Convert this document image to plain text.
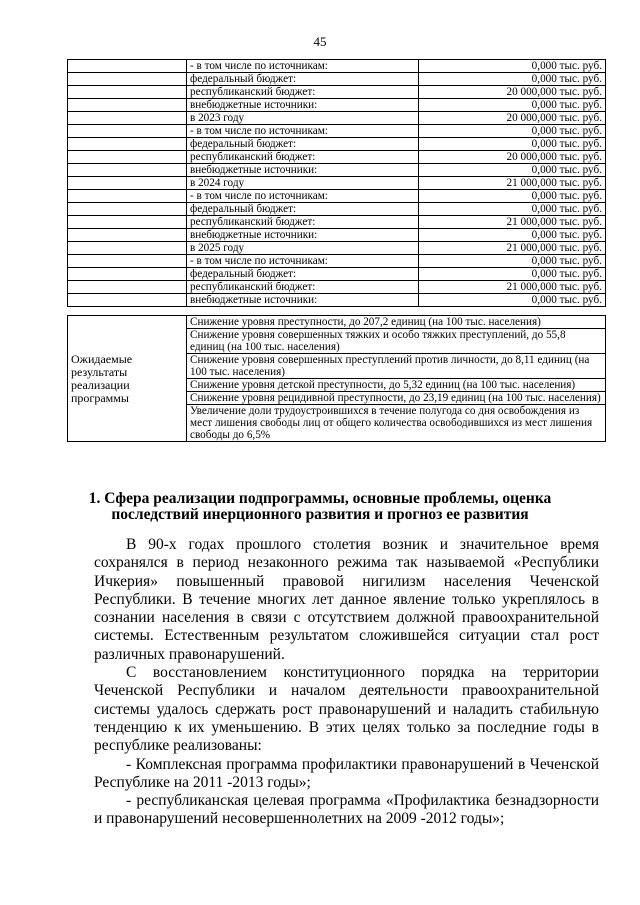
45
	- в том числе по источникам:	0,000 тыс. руб.
	федеральный бюджет:	0,000 тыс. руб.
	республиканский бюджет:	20 000,000 тыс. руб.
	внебюджетные источники:	0,000 тыс. руб.
	в 2023 году	20 000,000 тыс. руб.
	- в том числе по источникам:	0,000 тыс. руб.
	федеральный бюджет:	0,000 тыс. руб.
	республиканский бюджет:	20 000,000 тыс. руб.
	внебюджетные источники:	0,000 тыс. руб.
	в 2024 году	21 000,000 тыс. руб.
	- в том числе по источникам:	0,000 тыс. руб.
	федеральный бюджет:	0,000 тыс. руб.
	республиканский бюджет:	21 000,000 тыс. руб.
	внебюджетные источники:	0,000 тыс. руб.
	в 2025 году	21 000,000 тыс. руб.
	- в том числе по источникам:	0,000 тыс. руб.
	федеральный бюджет:	0,000 тыс. руб.
	республиканский бюджет:	21 000,000 тыс. руб.
	внебюджетные источники:	0,000 тыс. руб.
Ожидаемые результаты реализации программы	Снижение уровня преступности, до 207,2 единиц (на 100 тыс. населения)
Снижение уровня совершенных тяжких и особо тяжких преступлений, до 55,8 единиц (на 100 тыс. населения)
Снижение уровня совершенных преступлений против личности, до 8,11 единиц (на 100 тыс. населения)
Снижение уровня детской преступности, до 5,32 единиц (на 100 тыс. населения)
Снижение уровня рецидивной преступности, до 23,19 единиц (на 100 тыс. населения)
Увеличение доли трудоустроившихся в течение полугода со дня освобождения из мест лишения свободы лиц от общего количества освободившихся из мест лишения свободы до 6,5%
1. Сфера реализации подпрограммы, основные проблемы, оценка последствий инерционного развития и прогноз ее развития

В 90-х годах прошлого столетия возник и значительное время сохранялся в период незаконного режима так называемой «Республики Ичкерия» повышенный правовой нигилизм населения Чеченской Республики. В течение многих лет данное явление только укреплялось в сознании населения в связи с отсутствием должной правоохранительной системы. Естественным результатом сложившейся ситуации стал рост различных правонарушений.

С восстановлением конституционного порядка на территории Чеченской Республики и началом деятельности правоохранительной системы удалось сдержать рост правонарушений и наладить стабильную тенденцию к их уменьшению. В этих целях только за последние годы в республике реализованы:

- Комплексная программа профилактики правонарушений в Чеченской Республике на 2011 -2013 годы»;

- республиканская целевая программа «Профилактика безнадзорности и правонарушений несовершеннолетних на 2009 -2012 годы»;
